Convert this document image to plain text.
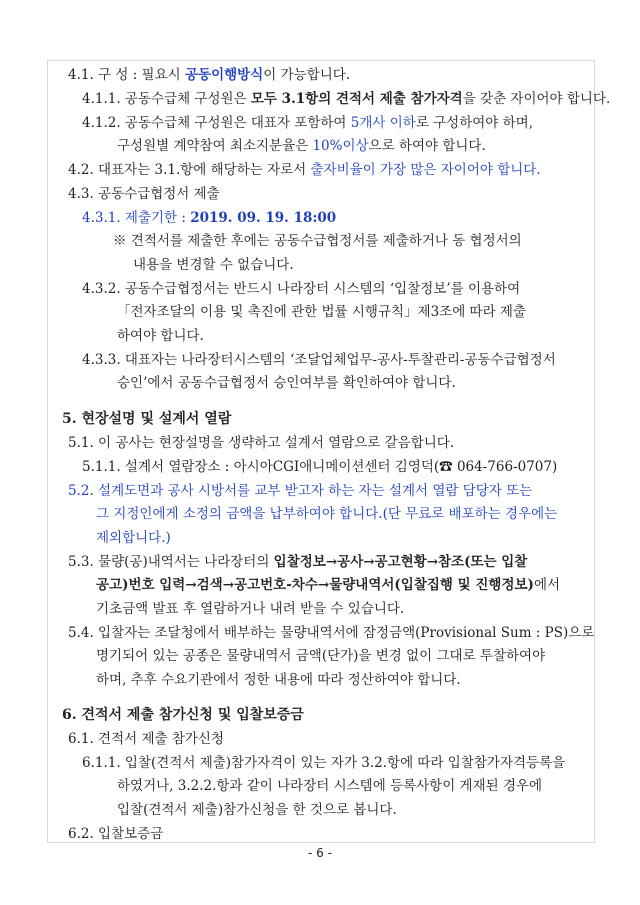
4.1. 구 성 : 필요시 공동이행방식이 가능합니다.
4.1.1. 공동수급체 구성원은 모두 3.1항의 견적서 제출 참가자격을 갖춘 자이어야 합니다.
4.1.2. 공동수급체 구성원은 대표자 포함하여 5개사 이하로 구성하여야 하며,
구성원별 계약참여 최소지분율은 10%이상으로 하여야 합니다.
4.2. 대표자는 3.1.항에 해당하는 자로서 출자비율이 가장 많은 자이어야 합니다.
4.3. 공동수급협정서 제출
4.3.1. 제출기한 : 2019. 09. 19. 18:00
※ 견적서를 제출한 후에는 공동수급협정서를 제출하거나 동 협정서의
내용을 변경할 수 없습니다.
4.3.2. 공동수급협정서는 반드시 나라장터 시스템의 ‘입찰정보’를 이용하여
「전자조달의 이용 및 촉진에 관한 법률 시행규칙」제3조에 따라 제출
하여야 합니다.
4.3.3. 대표자는 나라장터시스템의 ‘조달업체업무-공사-투찰관리-공동수급협정서
승인’에서 공동수급협정서 승인여부를 확인하여야 합니다.
5. 현장설명 및 설계서 열람
5.1. 이 공사는 현장설명을 생략하고 설계서 열람으로 갈음합니다.
5.1.1. 설계서 열람장소 : 아시아CGI애니메이션센터 김영덕(☎ 064-766-0707)
5.2. 설계도면과 공사 시방서를 교부 받고자 하는 자는 설계서 열람 담당자 또는
그 지정인에게 소정의 금액을 납부하여야 합니다.(단 무료로 배포하는 경우에는
제외합니다.)
5.3. 물량(공)내역서는 나라장터의 입찰정보→공사→공고현황→참조(또는 입찰
공고)번호 입력→검색→공고번호-차수→물량내역서(입찰집행 및 진행정보)에서
기초금액 발표 후 열람하거나 내려 받을 수 있습니다.
5.4. 입찰자는 조달청에서 배부하는 물량내역서에 잠정금액(Provisional Sum : PS)으로
명기되어 있는 공종은 물량내역서 금액(단가)을 변경 없이 그대로 투찰하여야
하며, 추후 수요기관에서 정한 내용에 따라 정산하여야 합니다.
6. 견적서 제출 참가신청 및 입찰보증금
6.1. 견적서 제출 참가신청
6.1.1. 입찰(견적서 제출)참가자격이 있는 자가 3.2.항에 따라 입찰참가자격등록을
하였거나, 3.2.2.항과 같이 나라장터 시스템에 등록사항이 게재된 경우에
입찰(견적서 제출)참가신청을 한 것으로 봅니다.
6.2. 입찰보증금
- 6 -
